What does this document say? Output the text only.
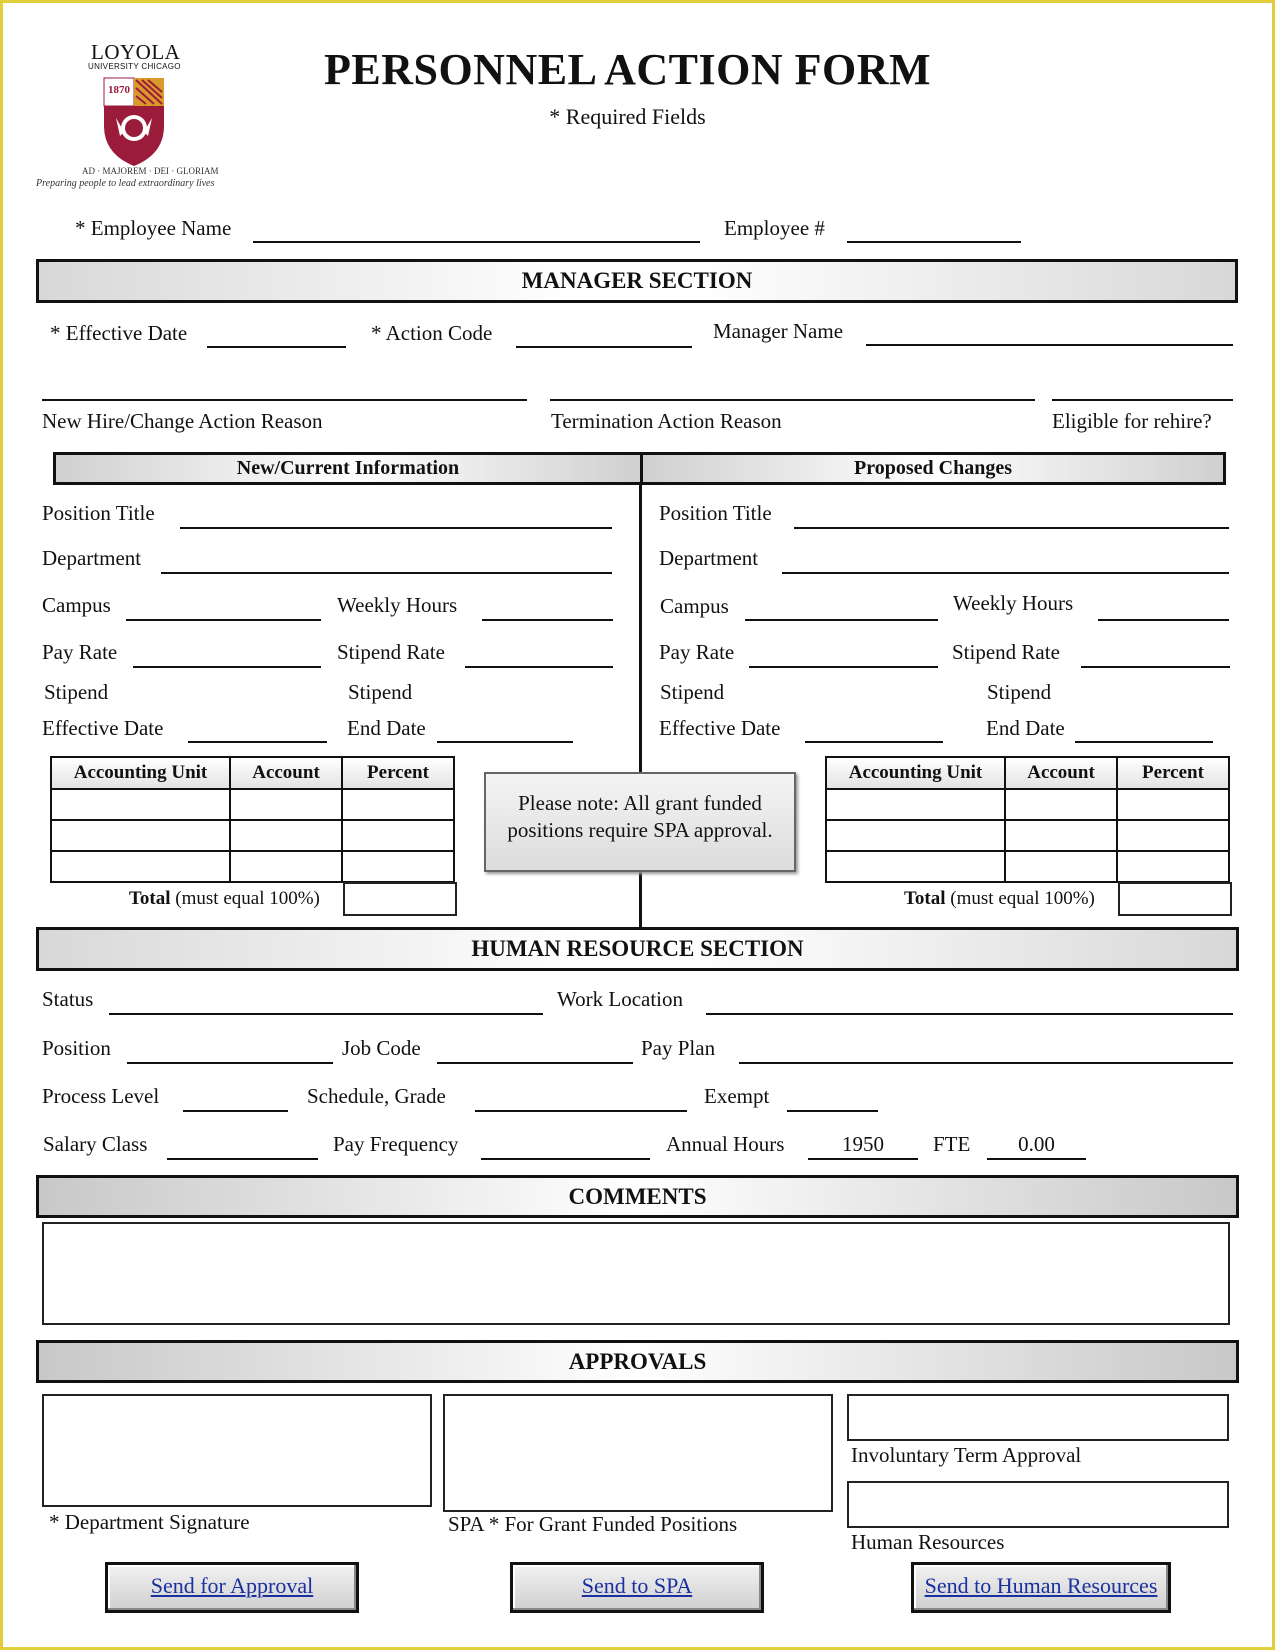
LOYOLA
UNIVERSITY CHICAGO
1870
AD · MAJOREM · DEI · GLORIAM
Preparing people to lead extraordinary lives
PERSONNEL ACTION FORM
* Required Fields
* Employee Name	Employee #
MANAGER SECTION
* Effective Date	* Action Code	Manager Name
New Hire/Change Action Reason	Termination Action Reason	Eligible for rehire?
New/Current Information	Proposed Changes
Position Title
Department
Campus	Weekly Hours
Pay Rate	Stipend Rate
Stipend	Stipend
Effective Date	End Date
Accounting Unit	Account	Percent

Total (must equal 100%)
Please note: All grant funded
positions require SPA approval.
Position Title
Department
Campus	Weekly Hours
Pay Rate	Stipend Rate
Stipend	Stipend
Effective Date	End Date
Accounting Unit	Account	Percent

Total (must equal 100%)
HUMAN RESOURCE SECTION
Status	Work Location
Position	Job Code	Pay Plan
Process Level	Schedule, Grade	Exempt
Salary Class	Pay Frequency	Annual Hours	1950	FTE	0.00
COMMENTS
APPROVALS
* Department Signature	SPA * For Grant Funded Positions
Involuntary Term Approval
Human Resources
Send for Approval	Send to SPA	Send to Human Resources
